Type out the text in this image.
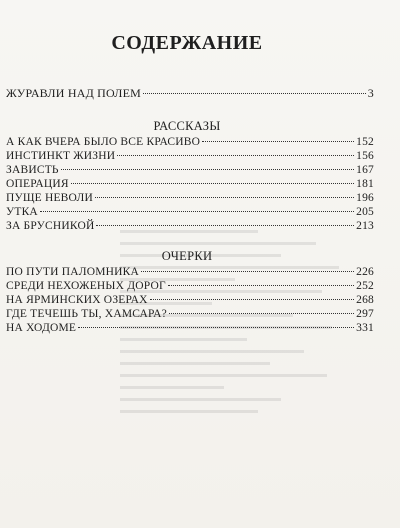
СОДЕРЖАНИЕ
ЖУРАВЛИ НАД ПОЛЕМ	3
РАССКАЗЫ
А КАК ВЧЕРА БЫЛО ВСЕ КРАСИВО	152
ИНСТИНКТ ЖИЗНИ	156
ЗАВИСТЬ	167
ОПЕРАЦИЯ	181
ПУЩЕ НЕВОЛИ	196
УТКА	205
ЗА БРУСНИКОЙ	213
ОЧЕРКИ
ПО ПУТИ ПАЛОМНИКА	226
СРЕДИ НЕХОЖЕНЫХ ДОРОГ	252
НА ЯРМИНСКИХ ОЗЕРАХ	268
ГДЕ ТЕЧЕШЬ ТЫ, ХАМСАРА?	297
НА ХОДОМЕ	331
